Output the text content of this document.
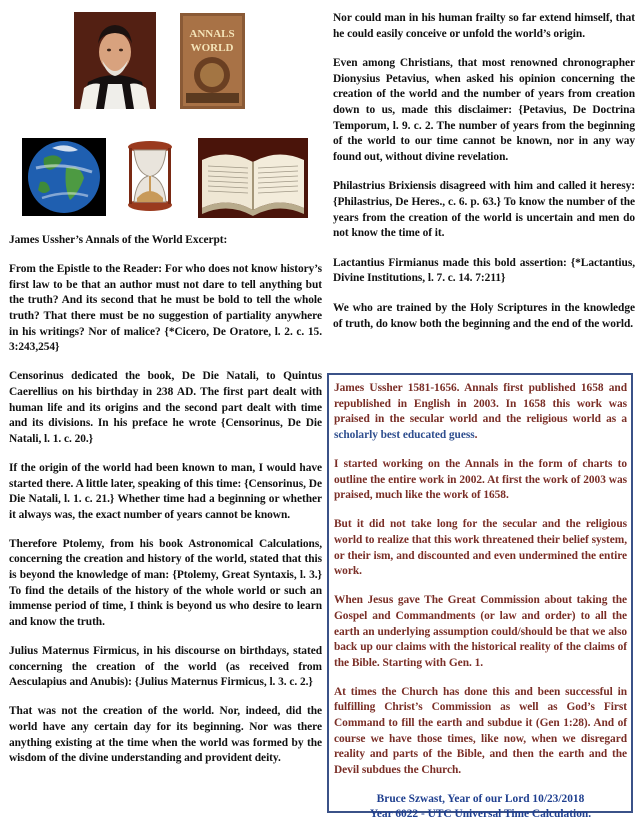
ANNALS
WORLD

James Ussher’s Annals of the World Excerpt:

From the Epistle to the Reader: For who does not know history’s first law to be that an author must not dare to tell anything but the truth? And its second that he must be bold to tell the whole truth? That there must be no suggestion of partiality anywhere in his writings? Nor of malice? {*Cicero, De Oratore, l. 2. c. 15. 3:243,254}

Censorinus dedicated the book, De Die Natali, to Quintus Caerellius on his birthday in 238 AD. The first part dealt with human life and its origins and the second part dealt with time and its divisions. In his preface he wrote {Censorinus, De Die Natali, l. 1. c. 20.}

If the origin of the world had been known to man, I would have started there. A little later, speaking of this time: {Censorinus, De Die Natali, l. 1. c. 21.} Whether time had a beginning or whether it always was, the exact number of years cannot be known.

Therefore Ptolemy, from his book Astronomical Calculations, concerning the creation and history of the world, stated that this is beyond the knowledge of man: {Ptolemy, Great Syntaxis, l. 3.} To find the details of the history of the whole world or such an immense period of time, I think is beyond us who desire to learn and know the truth.

Julius Maternus Firmicus, in his discourse on birthdays, stated concerning the creation of the world (as received from Aesculapius and Anubis): {Julius Maternus Firmicus, l. 3. c. 2.}

That was not the creation of the world. Nor, indeed, did the world have any certain day for its beginning. Nor was there anything existing at the time when the world was formed by the wisdom of the divine understanding and provident deity.

Nor could man in his human frailty so far extend himself, that he could easily conceive or unfold the world’s origin.

Even among Christians, that most renowned chronographer Dionysius Petavius, when asked his opinion concerning the creation of the world and the number of years from creation down to us, made this disclaimer: {Petavius, De Doctrina Temporum, l. 9. c. 2. The number of years from the beginning of the world to our time cannot be known, nor in any way found out, without divine revelation.

Philastrius Brixiensis disagreed with him and called it heresy: {Philastrius, De Heres., c. 6. p. 63.} To know the number of the years from the creation of the world is uncertain and men do not know the time of it.

Lactantius Firmianus made this bold assertion: {*Lactantius, Divine Institutions, l. 7. c. 14. 7:211}

We who are trained by the Holy Scriptures in the knowledge of truth, do know both the beginning and the end of the world.

James Ussher 1581-1656. Annals first published 1658 and republished in English in 2003. In 1658 this work was praised in the secular world and the religious world as a scholarly best educated guess.

I started working on the Annals in the form of charts to outline the entire work in 2002. At first the work of 2003 was praised, much like the work of 1658.

But it did not take long for the secular and the religious world to realize that this work threatened their belief system, or their ism, and discounted and even undermined the entire work.

When Jesus gave The Great Commission about taking the Gospel and Commandments (or law and order) to all the earth an underlying assumption could/should be that we also back up our claims with the historical reality of the claims of the Bible. Starting with Gen. 1.

At times the Church has done this and been successful in fulfilling Christ’s Commission as well as God’s First Command to fill the earth and subdue it (Gen 1:28). And of course we have those times, like now, when we disregard reality and parts of the Bible, and then the earth and the Devil subdues the Church.

Bruce Szwast, Year of our Lord 10/23/2018

Year 6022 - UTC Universal Time Calculation.
